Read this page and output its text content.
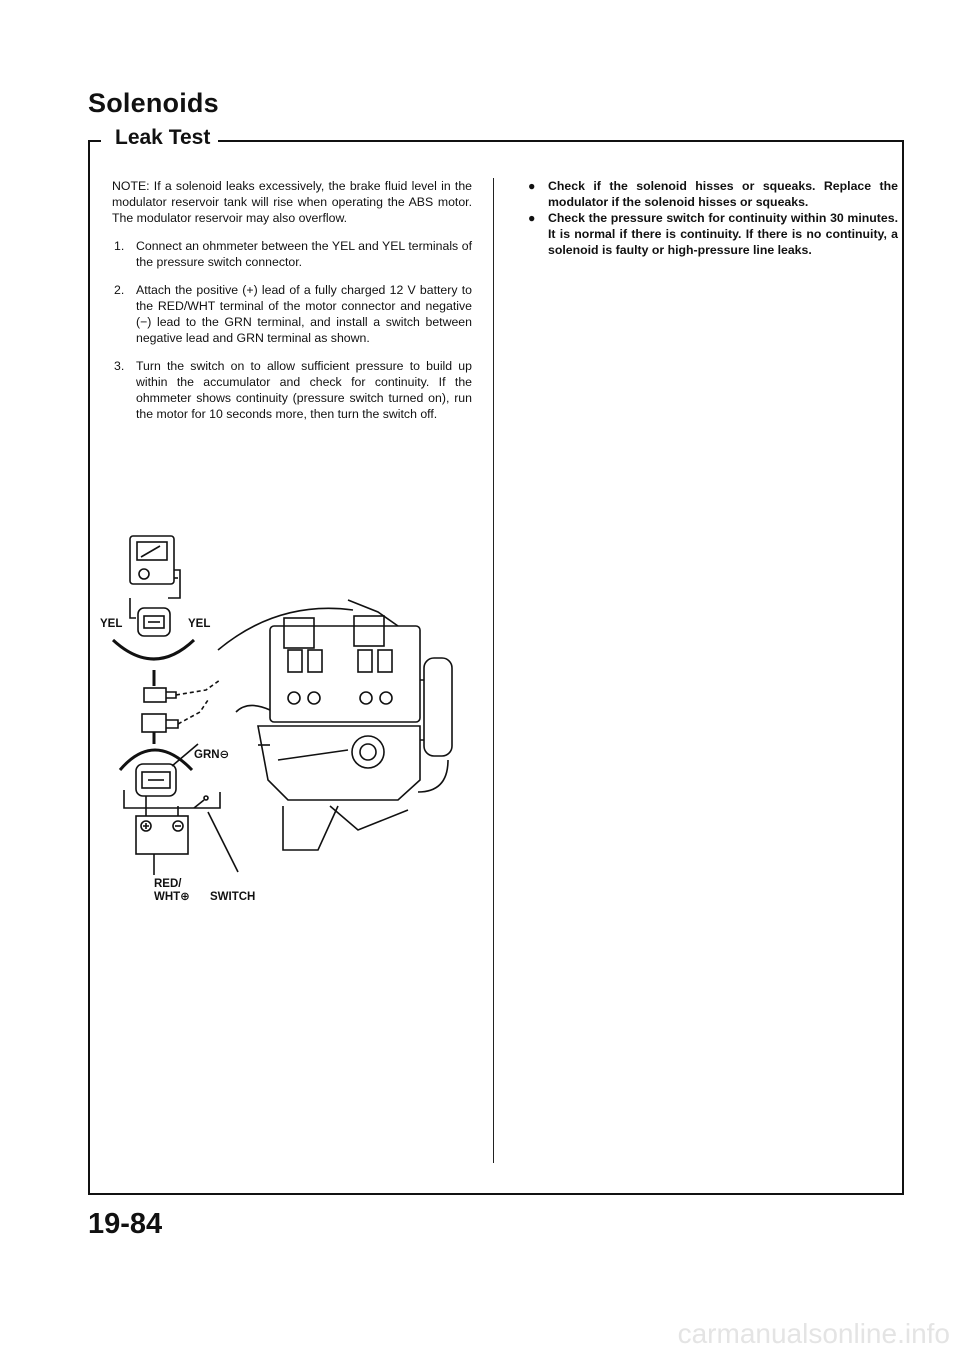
Solenoids
Leak Test

NOTE: If a solenoid leaks excessively, the brake fluid level in the modulator reservoir tank will rise when operating the ABS motor. The modulator reservoir may also overflow.

1. Connect an ohmmeter between the YEL and YEL terminals of the pressure switch connector.
2. Attach the positive (+) lead of a fully charged 12 V battery to the RED/WHT terminal of the motor connector and negative (−) lead to the GRN terminal, and install a switch between negative lead and GRN terminal as shown.
3. Turn the switch on to allow sufficient pressure to build up within the accumulator and check for continuity. If the ohmmeter shows continuity (pressure switch turned on), run the motor for 10 seconds more, then turn the switch off.
●	Check if the solenoid hisses or squeaks. Replace the modulator if the solenoid hisses or squeaks.
●	Check the pressure switch for continuity within 30 minutes. It is normal if there is continuity. If there is no continuity, a solenoid is faulty or high-pressure line leaks.
YEL	YEL
GRN⊖
RED/
WHT⊕ SWITCH
19-84
carmanualsonline.info
